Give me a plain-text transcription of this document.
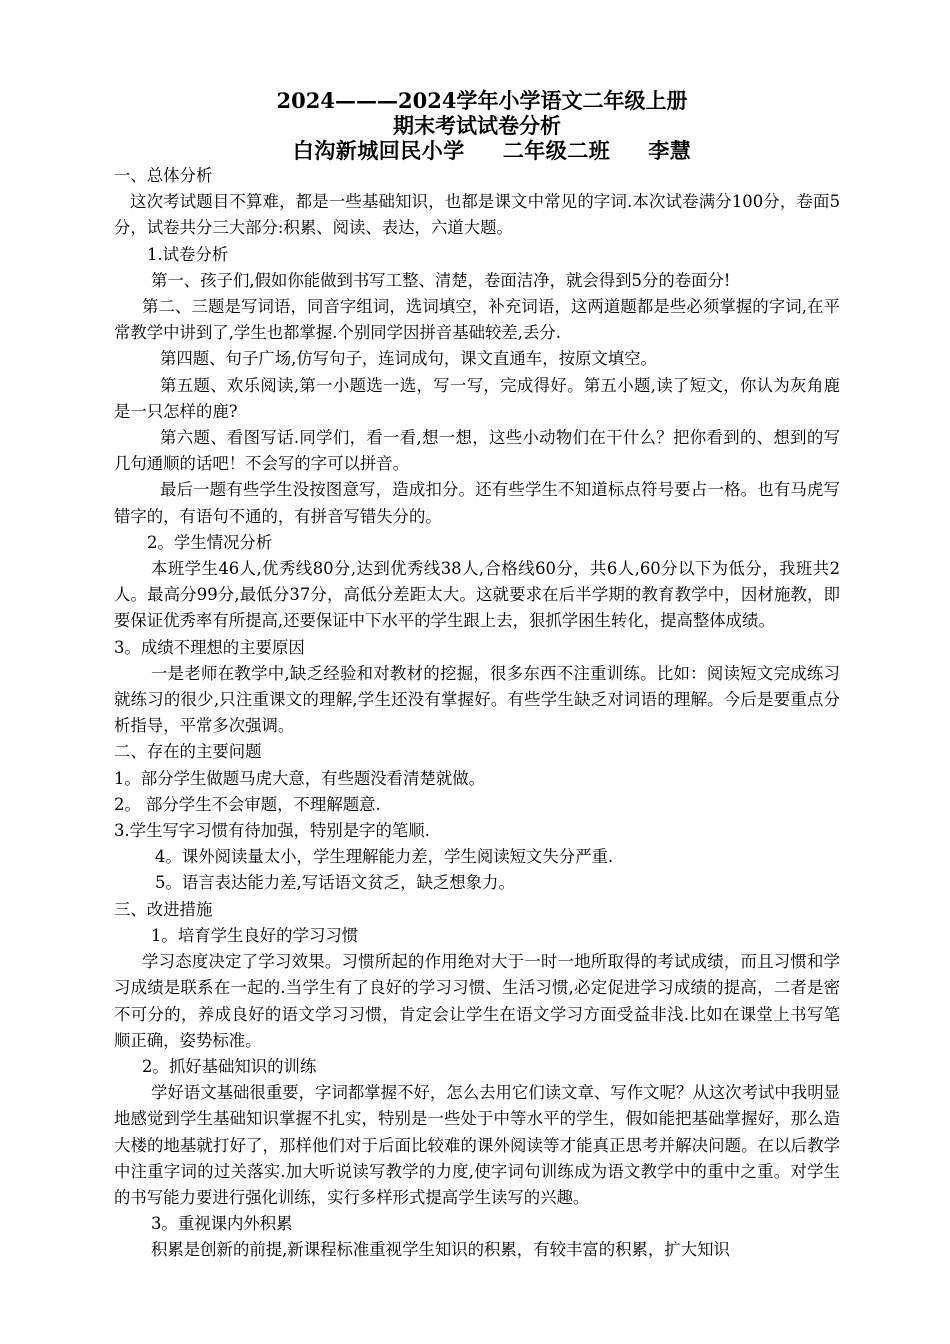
2024———2024学年小学语文二年级上册
期末考试试卷分析
白沟新城回民小学 二年级二班 李慧

一、总体分析

这次考试题目不算难，都是一些基础知识，也都是课文中常见的字词.本次试卷满分100分，卷面5分，试卷共分三大部分:积累、阅读、表达，六道大题。

1.试卷分析

第一、孩子们,假如你能做到书写工整、清楚，卷面洁净，就会得到5分的卷面分!

第二、三题是写词语，同音字组词，选词填空，补充词语，这两道题都是些必须掌握的字词,在平常教学中讲到了,学生也都掌握.个别同学因拼音基础较差,丢分.

第四题、句子广场,仿写句子，连词成句，课文直通车，按原文填空。

第五题、欢乐阅读,第一小题选一选，写一写，完成得好。第五小题,读了短文，你认为灰角鹿是一只怎样的鹿?

第六题、看图写话.同学们，看一看,想一想，这些小动物们在干什么？把你看到的、想到的写几句通顺的话吧！不会写的字可以拼音。

最后一题有些学生没按图意写，造成扣分。还有些学生不知道标点符号要占一格。也有马虎写错字的，有语句不通的，有拼音写错失分的。

2。学生情况分析

本班学生46人,优秀线80分,达到优秀线38人,合格线60分，共6人,60分以下为低分，我班共2人。最高分99分,最低分37分，高低分差距太大。这就要求在后半学期的教育教学中，因材施教，即要保证优秀率有所提高,还要保证中下水平的学生跟上去，狠抓学困生转化，提高整体成绩。

3。成绩不理想的主要原因

一是老师在教学中,缺乏经验和对教材的挖掘，很多东西不注重训练。比如：阅读短文完成练习就练习的很少,只注重课文的理解,学生还没有掌握好。有些学生缺乏对词语的理解。今后是要重点分析指导，平常多次强调。

二、存在的主要问题

1。部分学生做题马虎大意，有些题没看清楚就做。

2。 部分学生不会审题，不理解题意.

3.学生写字习惯有待加强，特别是字的笔顺.

4。课外阅读量太小，学生理解能力差，学生阅读短文失分严重.

5。语言表达能力差,写话语文贫乏，缺乏想象力。

三、改进措施

1。培育学生良好的学习习惯

学习态度决定了学习效果。习惯所起的作用绝对大于一时一地所取得的考试成绩，而且习惯和学习成绩是联系在一起的.当学生有了良好的学习习惯、生活习惯,必定促进学习成绩的提高，二者是密不可分的，养成良好的语文学习习惯，肯定会让学生在语文学习方面受益非浅.比如在课堂上书写笔顺正确，姿势标准。

2。抓好基础知识的训练

学好语文基础很重要，字词都掌握不好，怎么去用它们读文章、写作文呢？从这次考试中我明显地感觉到学生基础知识掌握不扎实，特别是一些处于中等水平的学生，假如能把基础掌握好，那么造大楼的地基就打好了，那样他们对于后面比较难的课外阅读等才能真正思考并解决问题。在以后教学中注重字词的过关落实.加大听说读写教学的力度,使字词句训练成为语文教学中的重中之重。对学生的书写能力要进行强化训练，实行多样形式提高学生读写的兴趣。

3。重视课内外积累

积累是创新的前提,新课程标准重视学生知识的积累，有较丰富的积累，扩大知识
